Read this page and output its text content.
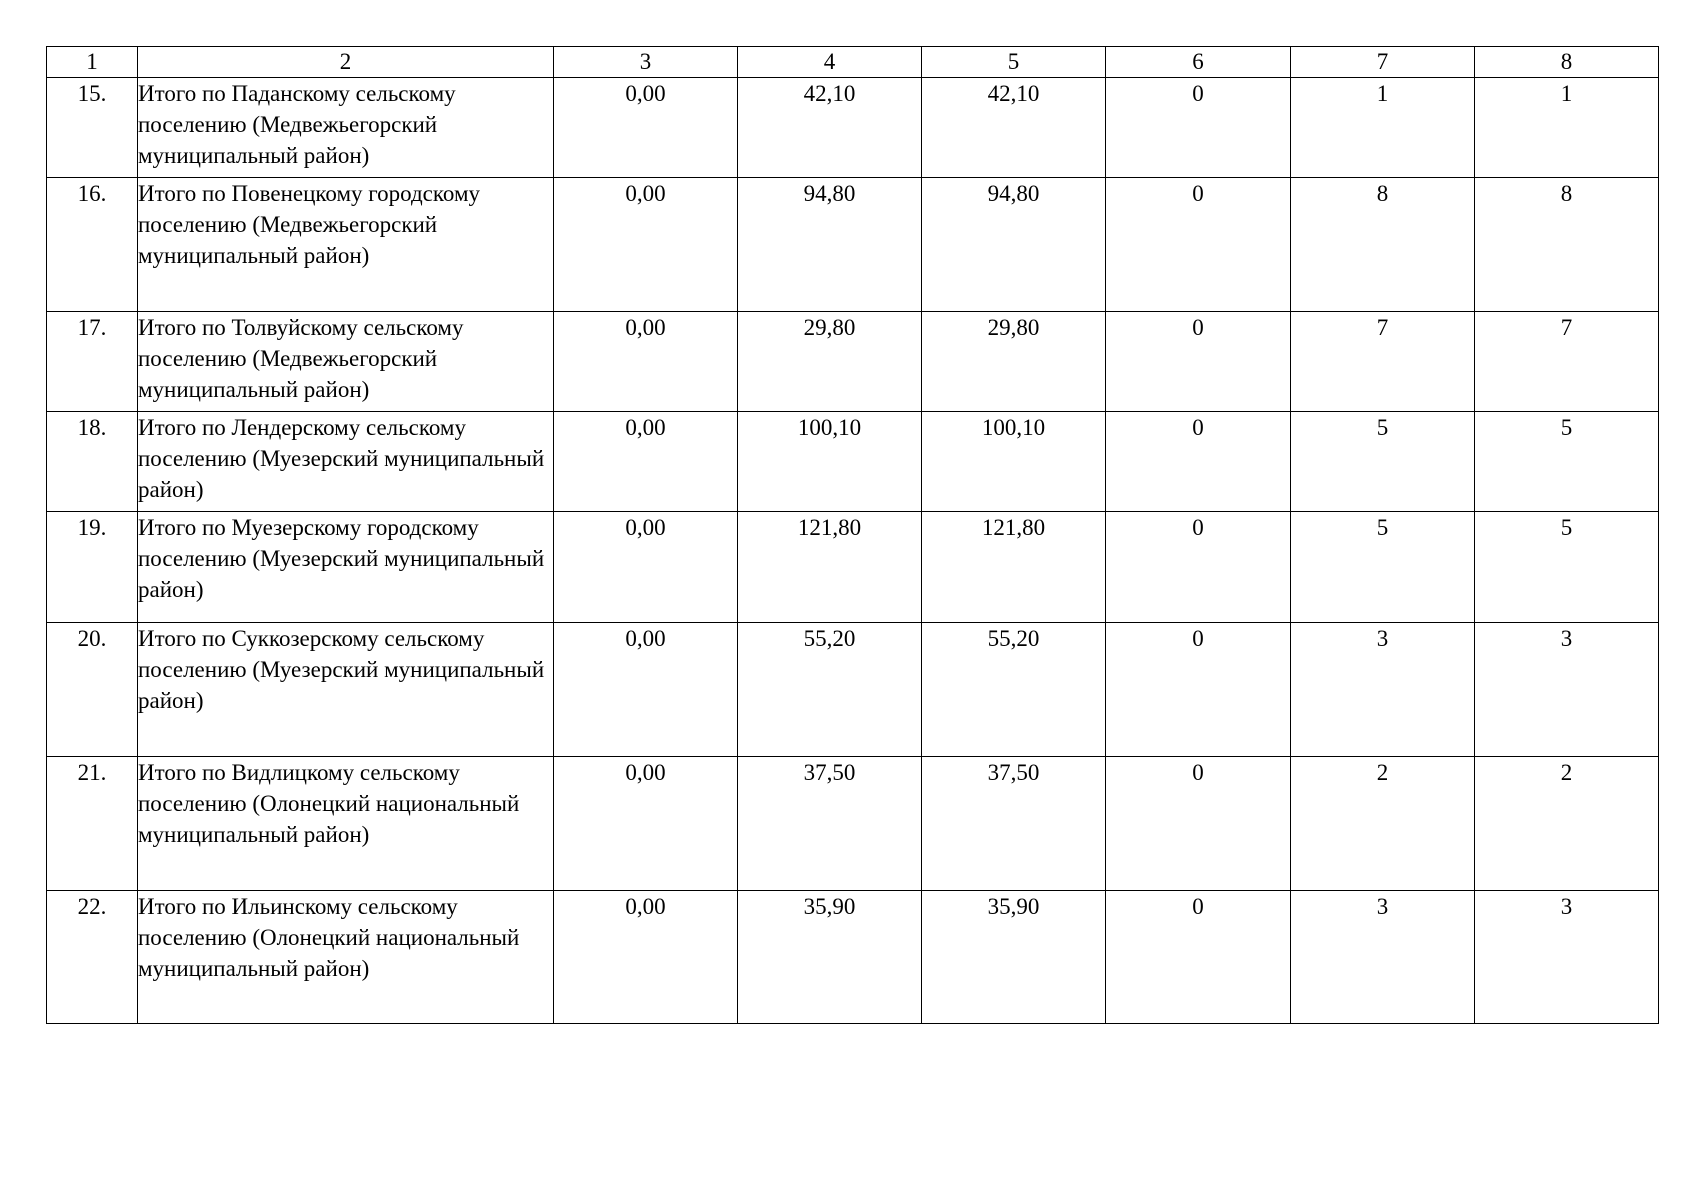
1	2	3	4	5	6	7	8
15.	Итого по Паданскому сельскому поселению (Медвежьегорский муниципальный район)	0,00	42,10	42,10	0	1	1
16.	Итого по Повенецкому городскому поселению (Медвежьегорский муниципальный район)	0,00	94,80	94,80	0	8	8
17.	Итого по Толвуйскому сельскому поселению (Медвежьегорский муниципальный район)	0,00	29,80	29,80	0	7	7
18.	Итого по Лендерскому сельскому поселению (Муезерский муниципальный район)	0,00	100,10	100,10	0	5	5
19.	Итого по Муезерскому городскому поселению (Муезерский муниципальный район)	0,00	121,80	121,80	0	5	5
20.	Итого по Суккозерскому сельскому поселению (Муезерский муниципальный район)	0,00	55,20	55,20	0	3	3
21.	Итого по Видлицкому сельскому поселению (Олонецкий национальный муниципальный район)	0,00	37,50	37,50	0	2	2
22.	Итого по Ильинскому сельскому поселению (Олонецкий национальный муниципальный район)	0,00	35,90	35,90	0	3	3
